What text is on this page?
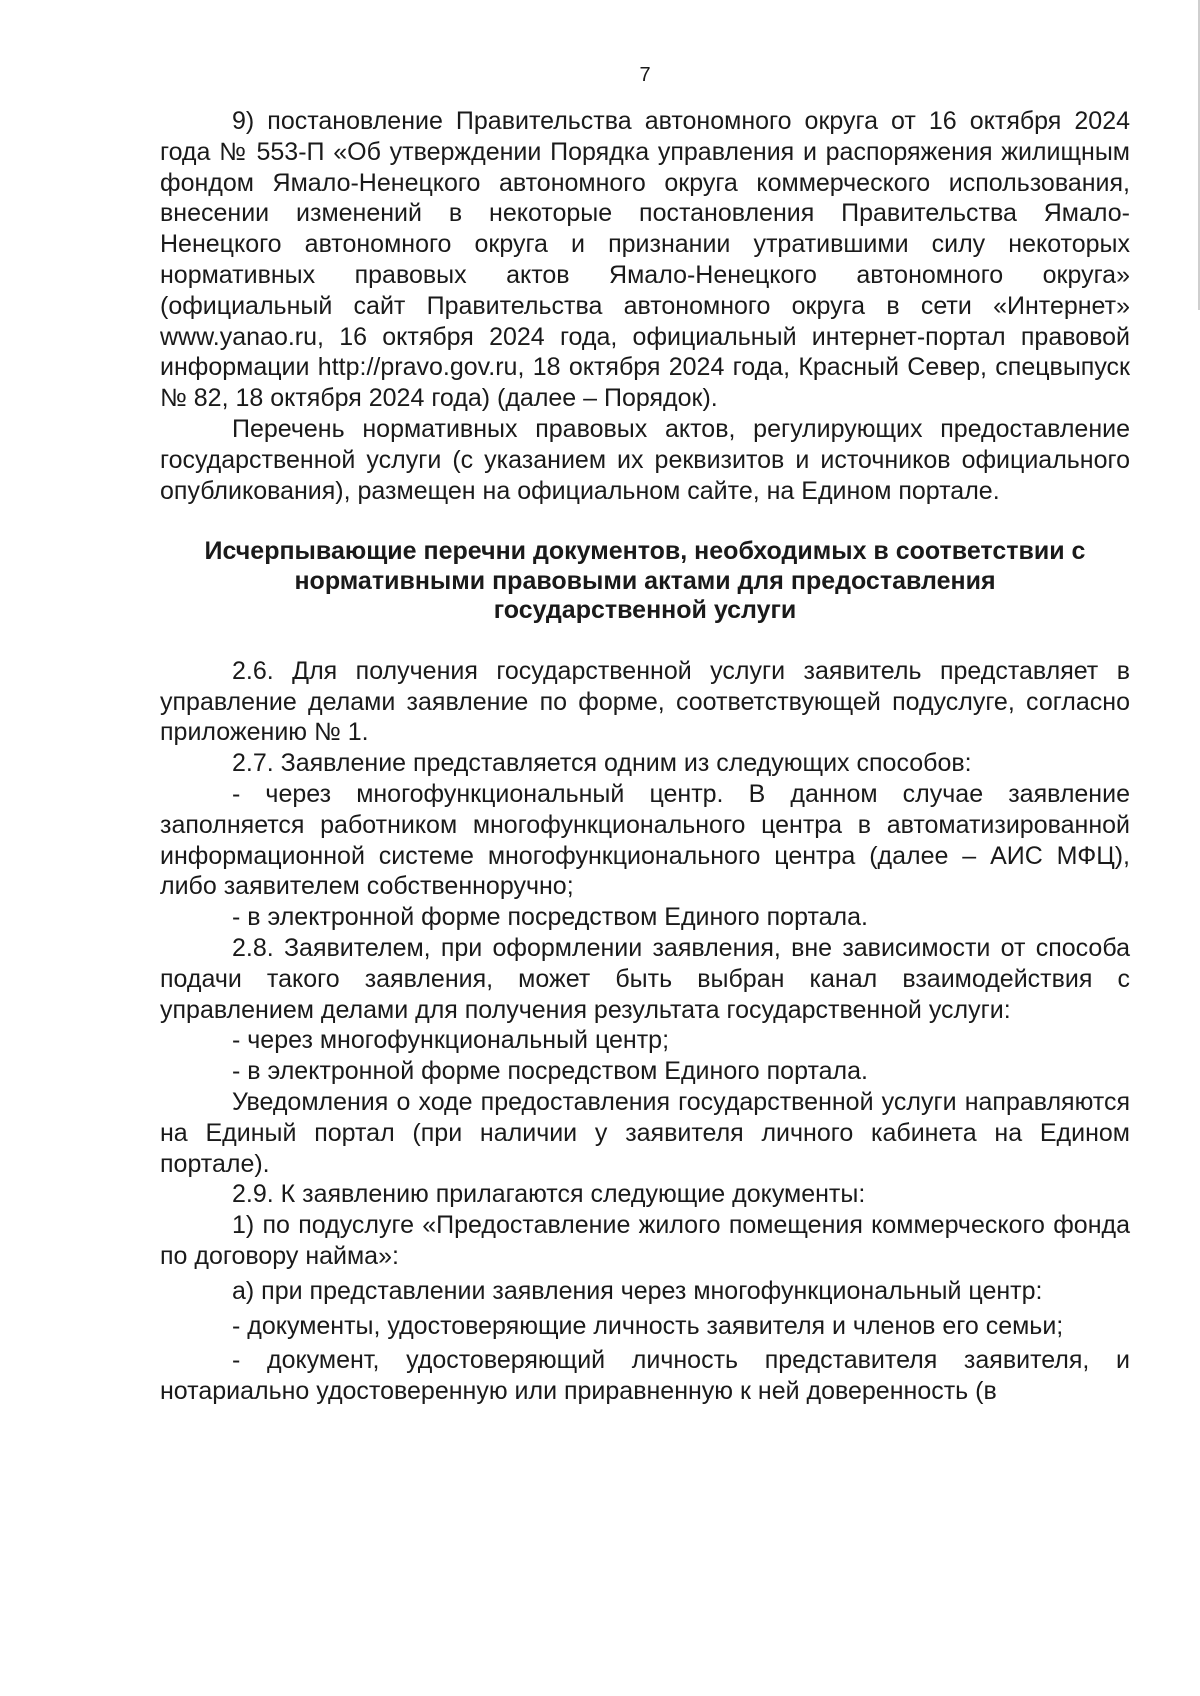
7

9) постановление Правительства автономного округа от 16 октября 2024 года № 553-П «Об утверждении Порядка управления и распоряжения жилищным фондом Ямало-Ненецкого автономного округа коммерческого использования, внесении изменений в некоторые постановления Правительства Ямало-Ненецкого автономного округа и признании утратившими силу некоторых нормативных правовых актов Ямало-Ненецкого автономного округа» (официальный сайт Правительства автономного округа в сети «Интернет» www.yanao.ru, 16 октября 2024 года, официальный интернет-портал правовой информации http://pravo.gov.ru, 18 октября 2024 года, Красный Север, спецвыпуск № 82, 18 октября 2024 года) (далее – Порядок).

Перечень нормативных правовых актов, регулирующих предоставление государственной услуги (с указанием их реквизитов и источников официального опубликования), размещен на официальном сайте, на Едином портале.

Исчерпывающие перечни документов, необходимых в соответствии с нормативными правовыми актами для предоставления государственной услуги

2.6. Для получения государственной услуги заявитель представляет в управление делами заявление по форме, соответствующей подуслуге, согласно приложению № 1.

2.7. Заявление представляется одним из следующих способов:

- через многофункциональный центр. В данном случае заявление заполняется работником многофункционального центра в автоматизированной информационной системе многофункционального центра (далее – АИС МФЦ), либо заявителем собственноручно;

- в электронной форме посредством Единого портала.

2.8. Заявителем, при оформлении заявления, вне зависимости от способа подачи такого заявления, может быть выбран канал взаимодействия с управлением делами для получения результата государственной услуги:

- через многофункциональный центр;

- в электронной форме посредством Единого портала.

Уведомления о ходе предоставления государственной услуги направляются на Единый портал (при наличии у заявителя личного кабинета на Едином портале).

2.9. К заявлению прилагаются следующие документы:

1) по подуслуге «Предоставление жилого помещения коммерческого фонда по договору найма»:

а) при представлении заявления через многофункциональный центр:

- документы, удостоверяющие личность заявителя и членов его семьи;

- документ, удостоверяющий личность представителя заявителя, и нотариально удостоверенную или приравненную к ней доверенность (в
